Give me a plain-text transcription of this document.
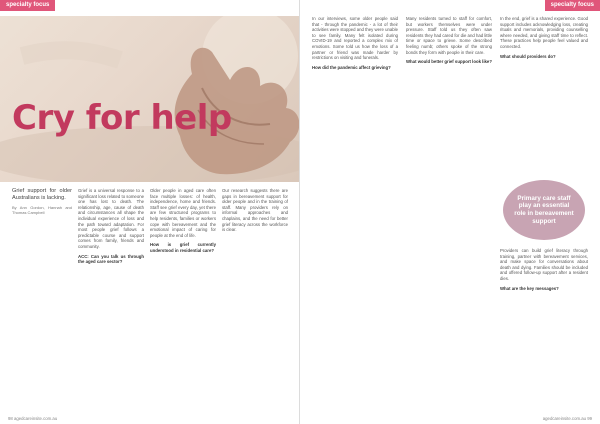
specialty focus
Cry for help

Grief support for older Australians is lacking.

By Ann Gordon, Hannah and Thomas Campbell

Grief is a universal response to a significant loss related to someone one has lost to death. The relationship, age, cause of death and circumstances all shape the individual experience of loss and the path toward adaptation. For most people grief follows a predictable course and support comes from family, friends and community.

ACC: Can you talk us through the aged care sector?

Older people in aged care often face multiple losses: of health, independence, home and friends. Staff see grief every day, yet there are few structured programs to help residents, families or workers cope with bereavement and the emotional impact of caring for people at the end of life.

How is grief currently understood in residential care?

Our research suggests there are gaps in bereavement support for older people and in the training of staff. Many providers rely on informal approaches and chaplains, and the need for better grief literacy across the workforce is clear.

98 agedcareinsite.com.au
specialty focus

In our interviews, some older people said that - through the pandemic - a lot of their activities were stopped and they were unable to see family. Many felt isolated during COVID-19 and reported a complex mix of emotions. Some told us how the loss of a partner or friend was made harder by restrictions on visiting and funerals.

How did the pandemic affect grieving?

Many residents turned to staff for comfort, but workers themselves were under pressure. Staff told us they often saw residents they had cared for die and had little time or space to grieve. Some described feeling numb; others spoke of the strong bonds they form with people in their care.

What would better grief support look like?

In the end, grief is a shared experience. Good support includes acknowledging loss, creating rituals and memorials, providing counselling where needed, and giving staff time to reflect. These practices help people feel valued and connected.

What should providers do?

Primary care staff play an essential role in bereavement support

Providers can build grief literacy through training, partner with bereavement services, and make space for conversations about death and dying. Families should be included and offered follow-up support after a resident dies.

What are the key messages?

agedcareinsite.com.au 99
